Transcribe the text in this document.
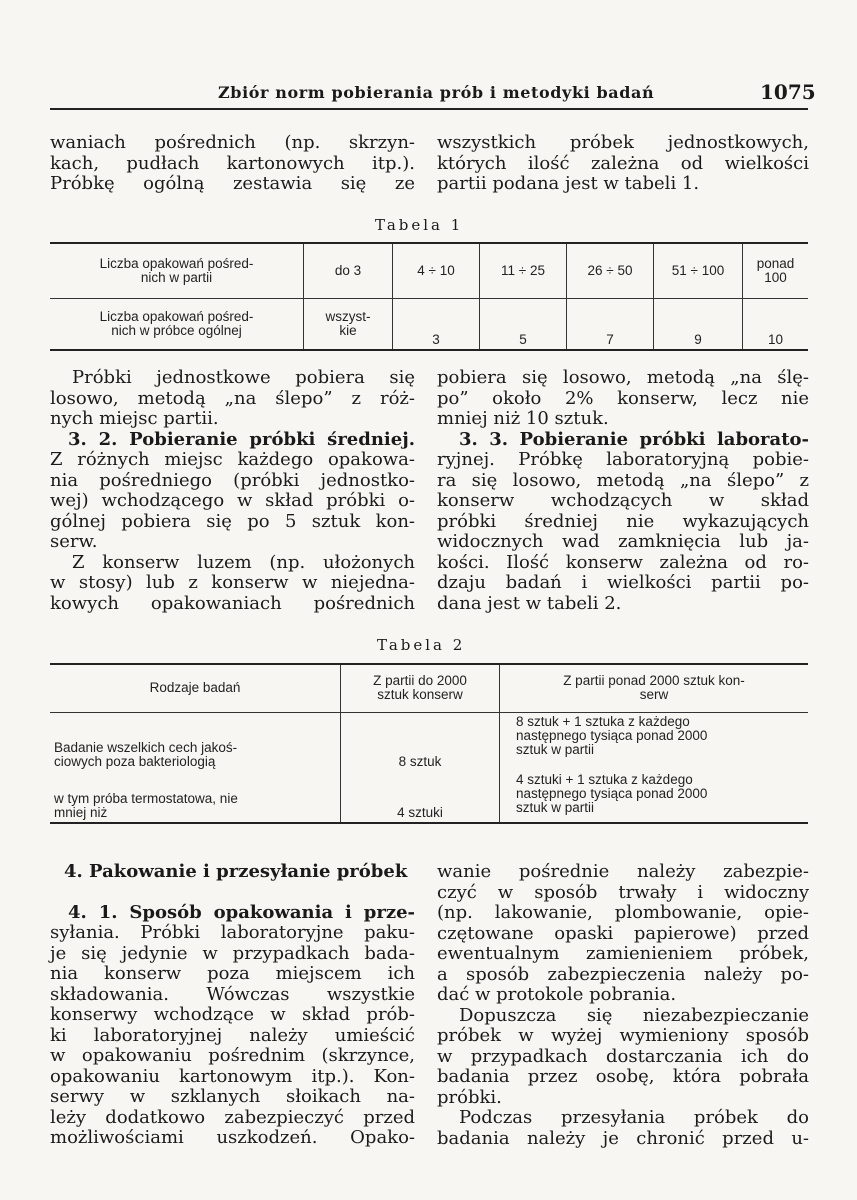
Zbiór norm pobierania prób i metodyki badań	1075
waniach pośrednich (np. skrzyn-
kach, pudłach kartonowych itp.).
Próbkę ogólną zestawia się ze
wszystkich próbek jednostkowych,
których ilość zależna od wielkości
partii podana jest w tabeli 1.
Tabela 1
Liczba opakowań pośred-
nich w partii	do 3	4 ÷ 10	11 ÷ 25	26 ÷ 50	51 ÷ 100	ponad
100
Liczba opakowań pośred-
nich w próbce ogólnej	wszyst-
kie	3	5	7	9	10
Próbki jednostkowe pobiera się
losowo, metodą „na ślepo” z róż-
nych miejsc partii.
3. 2. Pobieranie próbki średniej.
Z różnych miejsc każdego opakowa-
nia pośredniego (próbki jednostko-
wej) wchodzącego w skład próbki o-
gólnej pobiera się po 5 sztuk kon-
serw.
Z konserw luzem (np. ułożonych
w stosy) lub z konserw w niejedna-
kowych opakowaniach pośrednich
pobiera się losowo, metodą „na ślę-
po” około 2% konserw, lecz nie
mniej niż 10 sztuk.
3. 3. Pobieranie próbki laborato-
ryjnej. Próbkę laboratoryjną pobie-
ra się losowo, metodą „na ślepo” z
konserw wchodzących w skład
próbki średniej nie wykazujących
widocznych wad zamknięcia lub ja-
kości. Ilość konserw zależna od ro-
dzaju badań i wielkości partii po-
dana jest w tabeli 2.
Tabela 2
Rodzaje badań	Z partii do 2000
sztuk konserw	Z partii ponad 2000 sztuk kon-
serw
Badanie wszelkich cech jakoś-
ciowych poza bakteriologią	8 sztuk	8 sztuk + 1 sztuka z każdego
następnego tysiąca ponad 2000
sztuk w partii
w tym próba termostatowa, nie
mniej niż	4 sztuki	4 sztuki + 1 sztuka z każdego
następnego tysiąca ponad 2000
sztuk w partii
4. Pakowanie i przesyłanie próbek
4. 1. Sposób opakowania i prze-
syłania. Próbki laboratoryjne paku-
je się jedynie w przypadkach bada-
nia konserw poza miejscem ich
składowania. Wówczas wszystkie
konserwy wchodzące w skład prób-
ki laboratoryjnej należy umieścić
w opakowaniu pośrednim (skrzynce,
opakowaniu kartonowym itp.). Kon-
serwy w szklanych słoikach na-
leży dodatkowo zabezpieczyć przed
możliwościami uszkodzeń. Opako-
wanie pośrednie należy zabezpie-
czyć w sposób trwały i widoczny
(np. lakowanie, plombowanie, opie-
czętowane opaski papierowe) przed
ewentualnym zamienieniem próbek,
a sposób zabezpieczenia należy po-
dać w protokole pobrania.
Dopuszcza się niezabezpieczanie
próbek w wyżej wymieniony sposób
w przypadkach dostarczania ich do
badania przez osobę, która pobrała
próbki.
Podczas przesyłania próbek do
badania należy je chronić przed u-
